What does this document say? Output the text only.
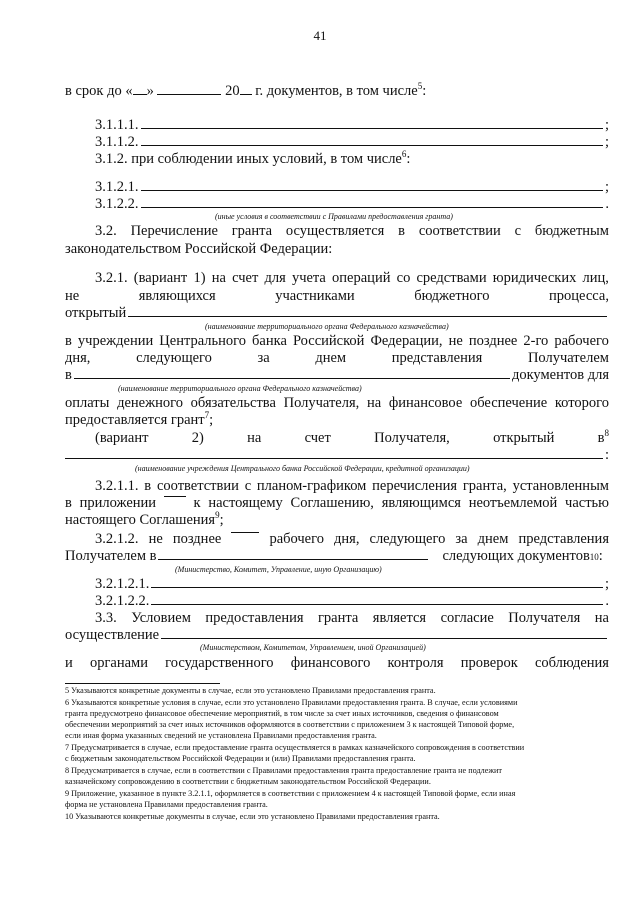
41
в срок до « »	20 г. документов, в том числе$^5$:
3.1.1.1.	;
3.1.1.2.	;
3.1.2. при соблюдении иных условий, в том числе$^6$:
3.1.2.1.	;
3.1.2.2.	.
(иные условия в соответствии с Правилами предоставления гранта)
3.2. Перечисление гранта осуществляется в соответствии с бюджетным
законодательством Российской Федерации:
3.2.1. (вариант 1) на счет для учета операций со средствами юридических лиц,
не	являющихся	участниками	бюджетного	процесса,
открытый
(наименование территориального органа Федерального казначейства)
в учреждении Центрального банка Российской Федерации, не позднее 2-го рабочего
дня,	следующего	за	днем	представления	Получателем
в	документов для
(наименование территориального органа Федерального казначейства)
оплаты денежного обязательства Получателя, на финансовое обеспечение которого
предоставляется грант$^7$;
(вариант	2)	на	счет	Получателя,	открытый	$в^8$
:
(наименование учреждения Центрального банка Российской Федерации, кредитной организации)
3.2.1.1. в соответствии с планом-графиком перечисления гранта, установленным
в приложении	к настоящему Соглашению, являющимся неотъемлемой частью
настоящего Соглашения$^9$;
3.2.1.2. не позднее	рабочего дня, следующего за днем представления
Получателем в	следующих документов 10 :
(Министерство, Комитет, Управление, иную Организацию)
3.2.1.2.1.	;
3.2.1.2.2.	.
3.3. Условием предоставления гранта является согласие Получателя на
осуществление
(Министерством, Комитетом, Управлением, иной Организацией)
и органами государственного финансового контроля проверок соблюдения
5 Указываются конкретные документы в случае, если это установлено Правилами предоставления гранта.
6 Указываются конкретные условия в случае, если это установлено Правилами предоставления гранта. В случае, если условиями
гранта предусмотрено финансовое обеспечение мероприятий, в том числе за счет иных источников, сведения о финансовом
обеспечении мероприятий за счет иных источников оформляются в соответствии с приложением 3 к настоящей Типовой форме,
если иная форма указанных сведений не установлена Правилами предоставления гранта.
7 Предусматривается в случае, если предоставление гранта осуществляется в рамках казначейского сопровождения в соответствии
с бюджетным законодательством Российской Федерации и (или) Правилами предоставления гранта.
8 Предусматривается в случае, если в соответствии с Правилами предоставления гранта предоставление гранта не подлежит
казначейскому сопровождению в соответствии с бюджетным законодательством Российской Федерации.
9 Приложение, указанное в пункте 3.2.1.1, оформляется в соответствии с приложением 4 к настоящей Типовой форме, если иная
форма не установлена Правилами предоставления гранта.
10 Указываются конкретные документы в случае, если это установлено Правилами предоставления гранта.
